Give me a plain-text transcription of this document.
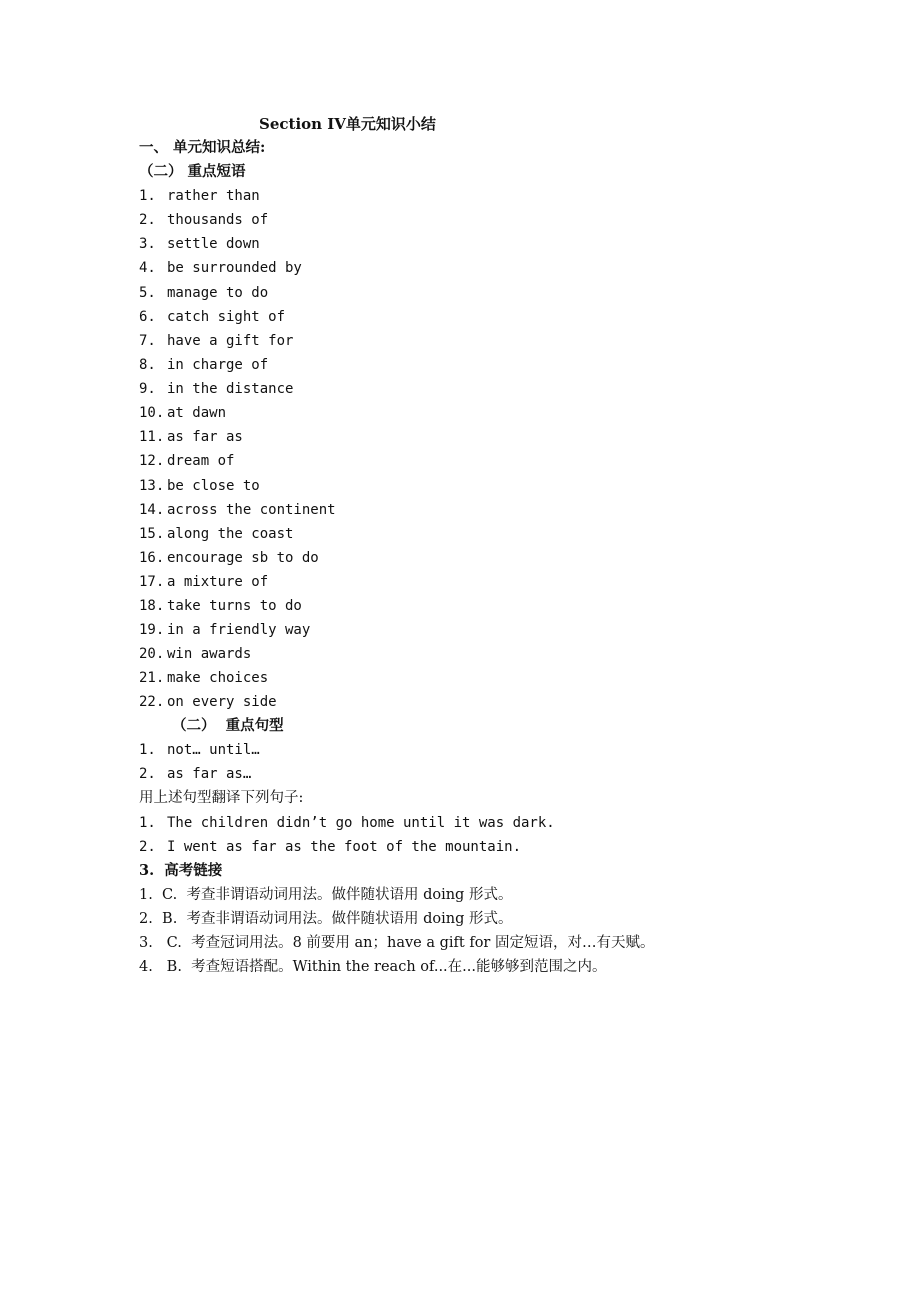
Section IV单元知识小结
一、 单元知识总结:
（二） 重点短语
1. rather than
2. thousands of
3. settle down
4. be surrounded by
5. manage to do
6. catch sight of
7. have a gift for
8. in charge of
9. in the distance
10. at dawn
11. as far as
12. dream of
13. be close to
14. across the continent
15. along the coast
16. encourage sb to do
17. a mixture of
18. take turns to do
19. in a friendly way
20. win awards
21. make choices
22. on every side
（二）  重点句型
1. not… until…
2. as far as…
用上述句型翻译下列句子:
1. The children didn’t go home until it was dark.
2. I went as far as the foot of the mountain.
3.  高考链接
1.  C.  考查非谓语动词用法。做伴随状语用 doing 形式。
2.  B.  考查非谓语动词用法。做伴随状语用 doing 形式。
3.   C.  考查冠词用法。8 前要用 an；have a gift for 固定短语，对…有天赋。
4.   B.  考查短语搭配。Within the reach of...在...能够够到范围之内。
